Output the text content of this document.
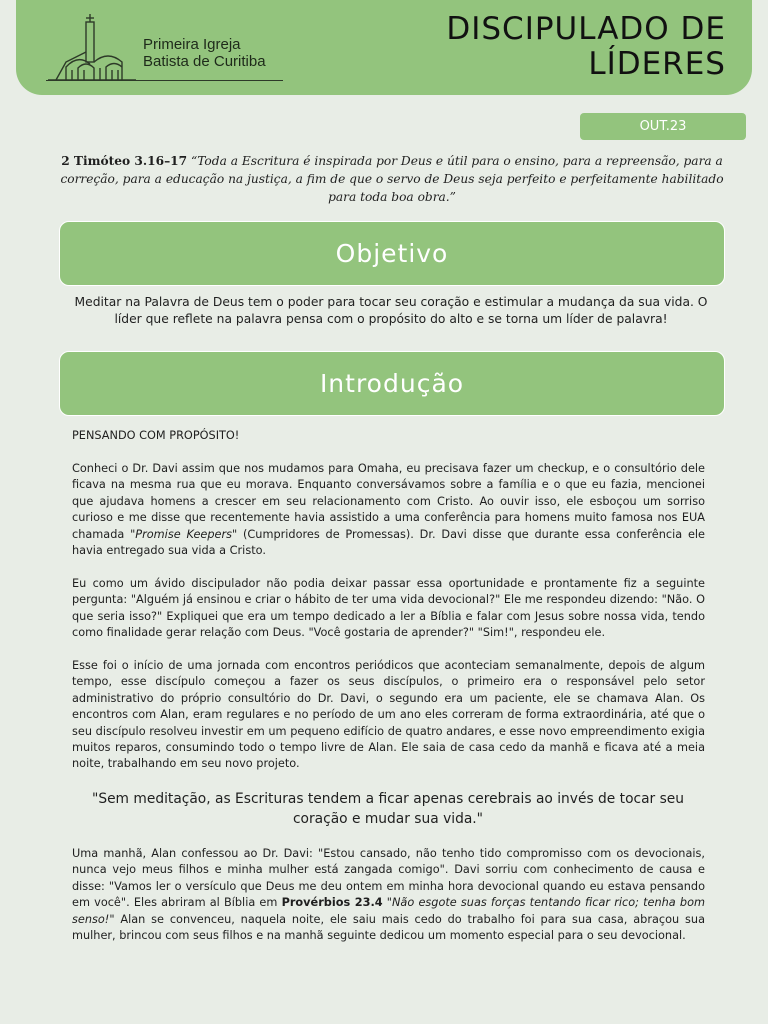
Primeira Igreja
Batista de Curitiba
DISCIPULADO DE
LÍDERES
OUT.23
2 Timóteo 3.16–17 “Toda a Escritura é inspirada por Deus e útil para o ensino, para a repreensão, para a correção, para a educação na justiça, a fim de que o servo de Deus seja perfeito e perfeitamente habilitado para toda boa obra.”
Objetivo
Meditar na Palavra de Deus tem o poder para tocar seu coração e estimular a mudança da sua vida. O líder que reflete na palavra pensa com o propósito do alto e se torna um líder de palavra!
Introdução
PENSANDO COM PROPÓSITO!
Conheci o Dr. Davi assim que nos mudamos para Omaha, eu precisava fazer um checkup, e o consultório dele ficava na mesma rua que eu morava. Enquanto conversávamos sobre a família e o que eu fazia, mencionei que ajudava homens a crescer em seu relacionamento com Cristo. Ao ouvir isso, ele esboçou um sorriso curioso e me disse que recentemente havia assistido a uma conferência para homens muito famosa nos EUA chamada "Promise Keepers" (Cumpridores de Promessas). Dr. Davi disse que durante essa conferência ele havia entregado sua vida a Cristo.
Eu como um ávido discipulador não podia deixar passar essa oportunidade e prontamente fiz a seguinte pergunta: "Alguém já ensinou e criar o hábito de ter uma vida devocional?" Ele me respondeu dizendo: "Não. O que seria isso?" Expliquei que era um tempo dedicado a ler a Bíblia e falar com Jesus sobre nossa vida, tendo como finalidade gerar relação com Deus. "Você gostaria de aprender?" "Sim!", respondeu ele.
Esse foi o início de uma jornada com encontros periódicos que aconteciam semanalmente, depois de algum tempo, esse discípulo começou a fazer os seus discípulos, o primeiro era o responsável pelo setor administrativo do próprio consultório do Dr. Davi, o segundo era um paciente, ele se chamava Alan. Os encontros com Alan, eram regulares e no período de um ano eles correram de forma extraordinária, até que o seu discípulo resolveu investir em um pequeno edifício de quatro andares, e esse novo empreendimento exigia muitos reparos, consumindo todo o tempo livre de Alan. Ele saia de casa cedo da manhã e ficava até a meia noite, trabalhando em seu novo projeto.
"Sem meditação, as Escrituras tendem a ficar apenas cerebrais ao invés de tocar seu coração e mudar sua vida."
Uma manhã, Alan confessou ao Dr. Davi: "Estou cansado, não tenho tido compromisso com os devocionais, nunca vejo meus filhos e minha mulher está zangada comigo". Davi sorriu com conhecimento de causa e disse: "Vamos ler o versículo que Deus me deu ontem em minha hora devocional quando eu estava pensando em você". Eles abriram al Bíblia em Provérbios 23.4 "Não esgote suas forças tentando ficar rico; tenha bom senso!" Alan se convenceu, naquela noite, ele saiu mais cedo do trabalho foi para sua casa, abraçou sua mulher, brincou com seus filhos e na manhã seguinte dedicou um momento especial para o seu devocional.
